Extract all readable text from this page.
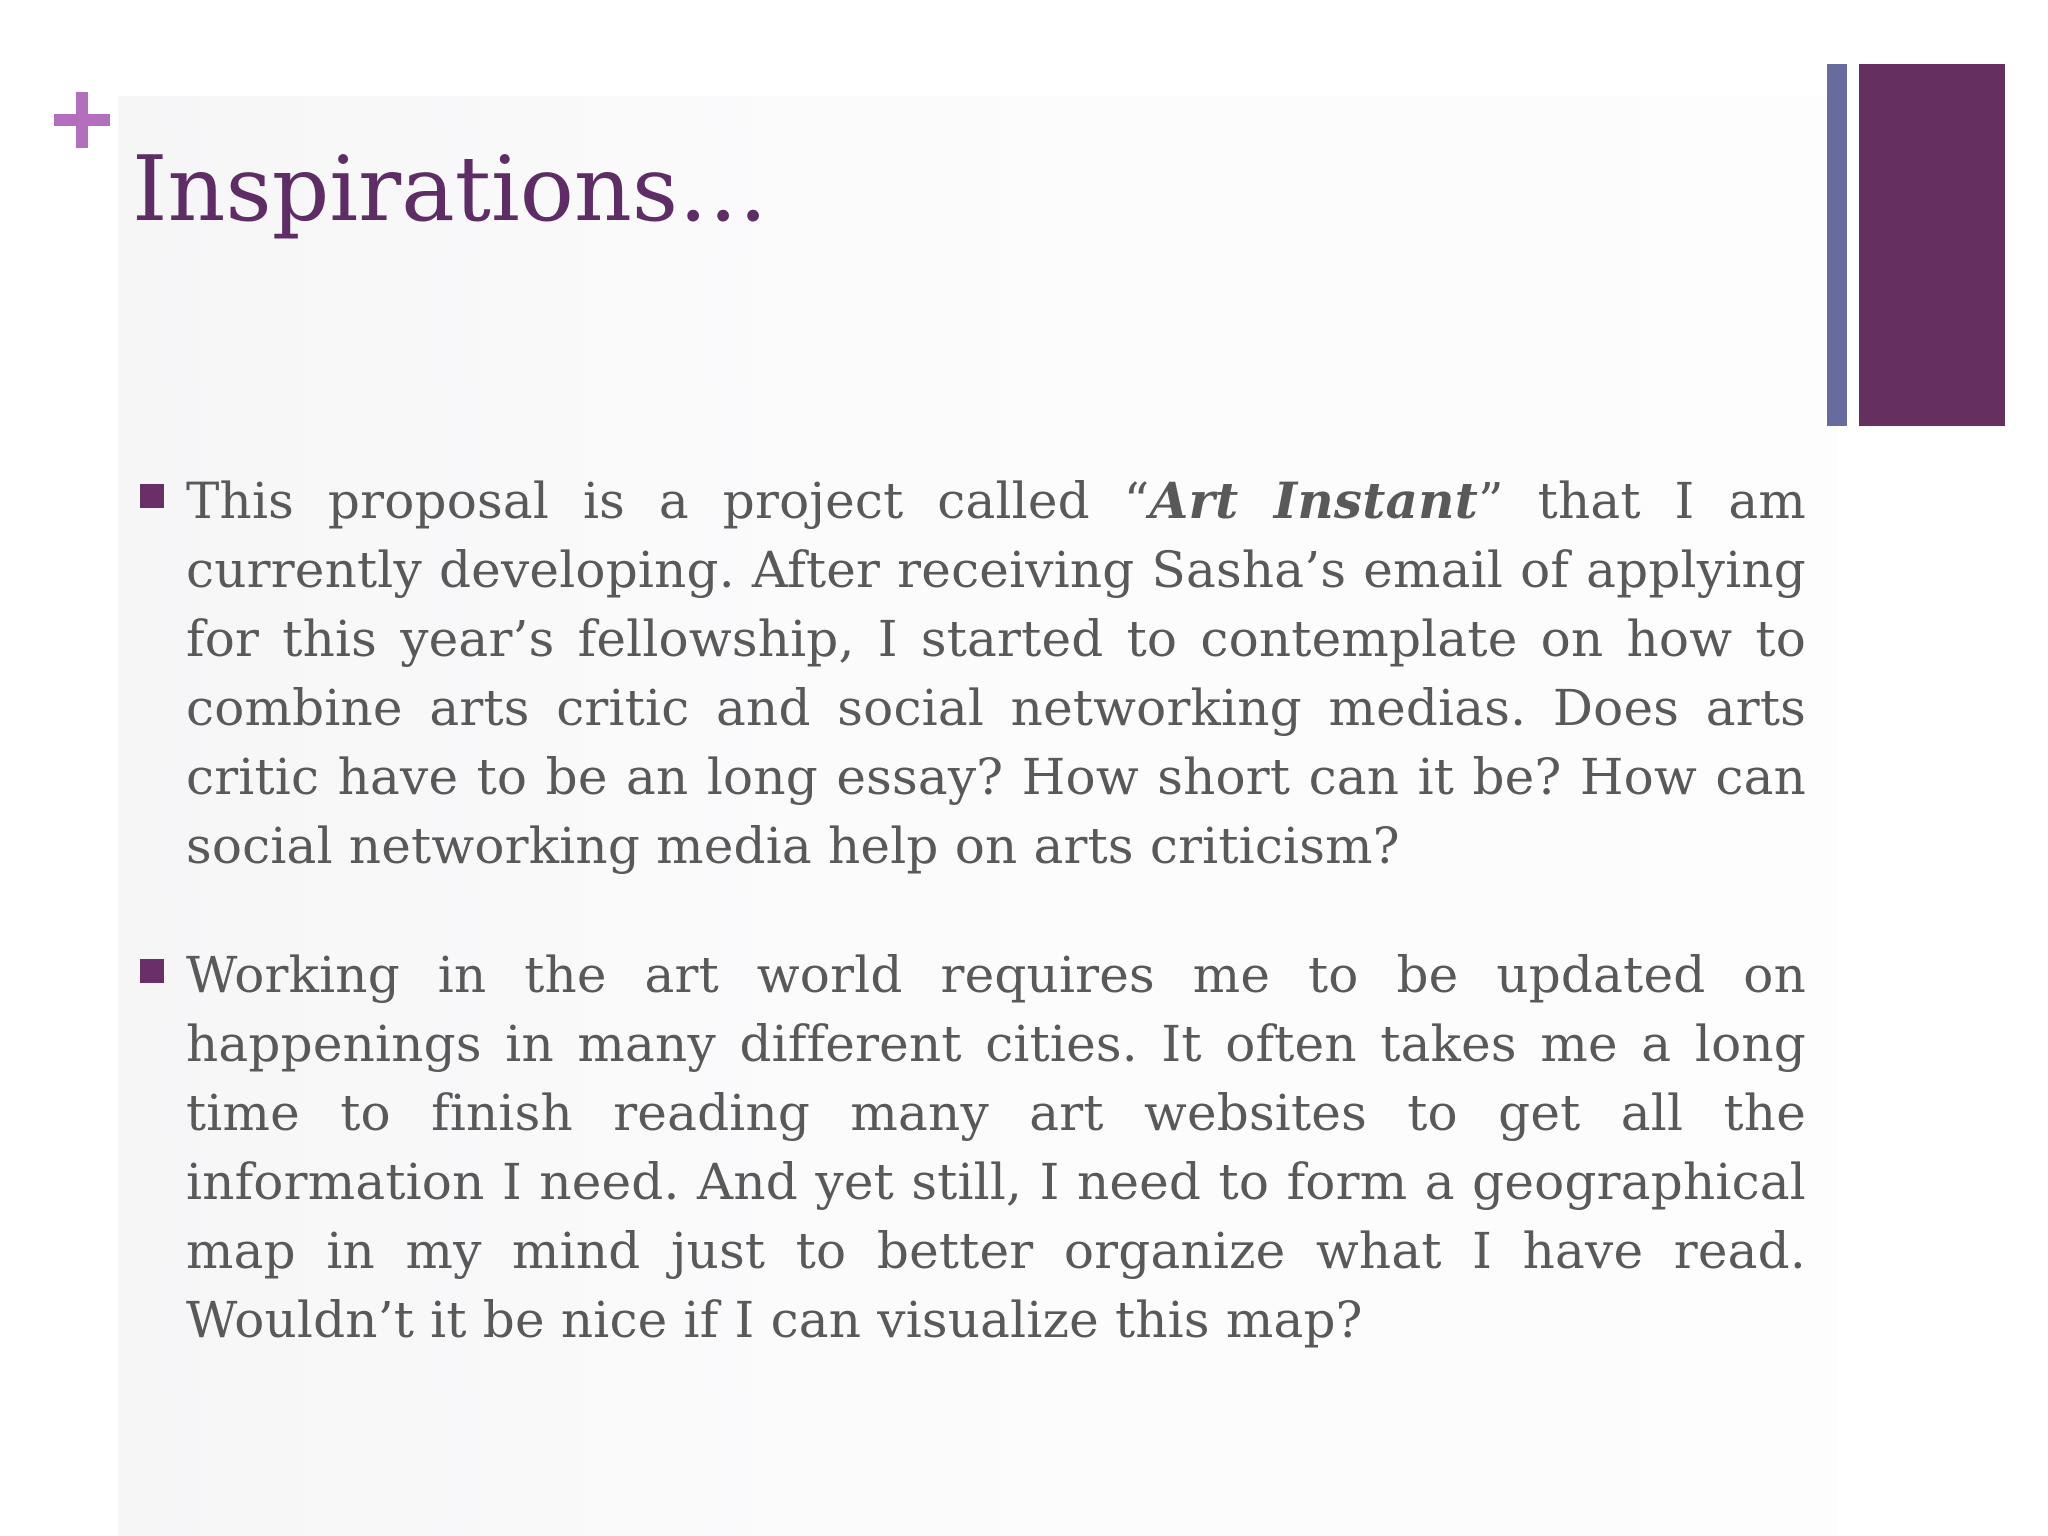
Inspirations…
This proposal is a project called “Art Instant” that I am currently developing. After receiving Sasha’s email of applying for this year’s fellowship, I started to contemplate on how to combine arts critic and social networking medias. Does arts critic have to be an long essay? How short can it be? How can social networking media help on arts criticism?
Working in the art world requires me to be updated on happenings in many different cities. It often takes me a long time to finish reading many art websites to get all the information I need. And yet still, I need to form a geographical map in my mind just to better organize what I have read. Wouldn’t it be nice if I can visualize this map?
